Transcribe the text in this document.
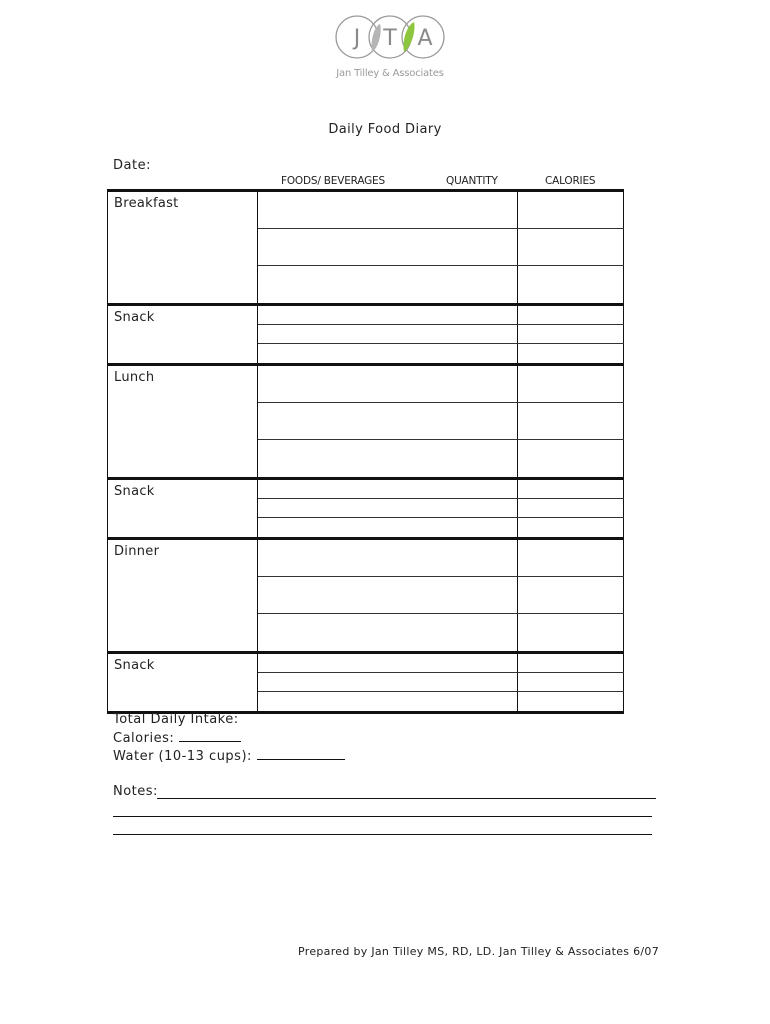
J T A
Jan Tilley & Associates
Daily Food Diary
Date:
FOODS/ BEVERAGES	QUANTITY	CALORIES
Breakfast
Snack
Lunch
Snack
Dinner
Snack
Total Daily Intake:
Calories:
Water (10-13 cups):
Notes:
Prepared by Jan Tilley MS, RD, LD. Jan Tilley & Associates 6/07
